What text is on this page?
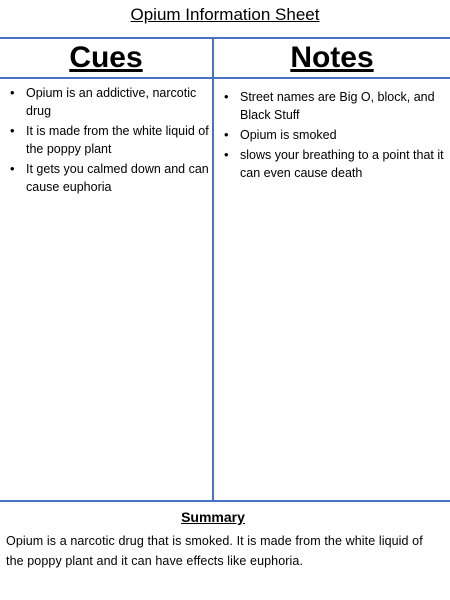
Opium Information Sheet
Cues	Notes
• Opium is an addictive, narcotic drug
• It is made from the white liquid of the poppy plant
• It gets you calmed down and can cause euphoria
• Street names are Big O, block, and Black Stuff
• Opium is smoked
• slows your breathing to a point that it can even cause death
Summary
Opium is a narcotic drug that is smoked. It is made from the white liquid of the poppy plant and it can have effects like euphoria.
